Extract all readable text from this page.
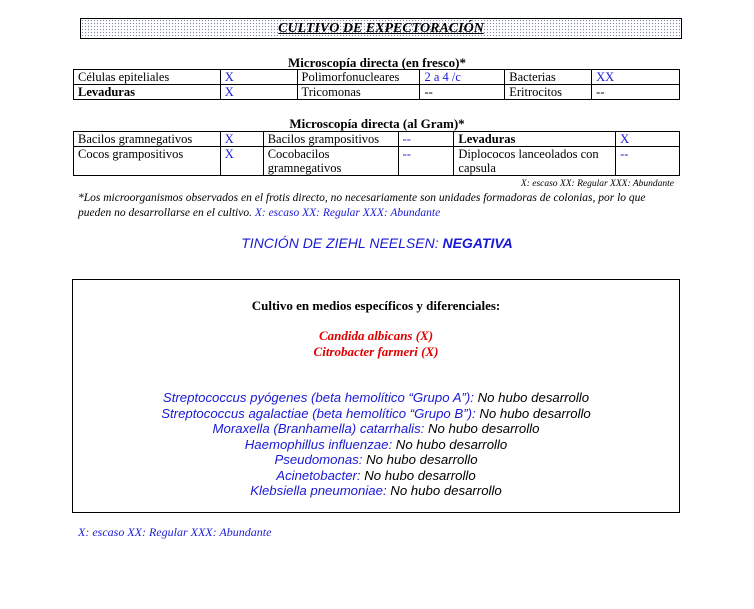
CULTIVO DE EXPECTORACIÓN
Microscopía directa (en fresco)*
Células epiteliales	X	Polimorfonucleares	2 a 4 /c	Bacterias	XX
Levaduras	X	Tricomonas	--	Eritrocitos	--
Microscopía directa (al Gram)*
Bacilos gramnegativos	X	Bacilos grampositivos	--	Levaduras	X
Cocos grampositivos	X	Cocobacilos gramnegativos	--	Diplococos lanceolados con capsula	--
X: escaso XX: Regular XXX: Abundante
*Los microorganismos observados en el frotis directo, no necesariamente son unidades formadoras de colonias, por lo que pueden no desarrollarse en el cultivo. X: escaso XX: Regular XXX: Abundante
TINCIÓN DE ZIEHL NEELSEN: NEGATIVA
Cultivo en medios específicos y diferenciales:
Candida albicans (X)
Citrobacter farmeri (X)
Streptococcus pyógenes (beta hemolítico “Grupo A”): No hubo desarrollo
Streptococcus agalactiae (beta hemolítico “Grupo B”): No hubo desarrollo
Moraxella (Branhamella) catarrhalis: No hubo desarrollo
Haemophillus influenzae: No hubo desarrollo
Pseudomonas: No hubo desarrollo
Acinetobacter: No hubo desarrollo
Klebsiella pneumoniae: No hubo desarrollo
X: escaso XX: Regular XXX: Abundante
